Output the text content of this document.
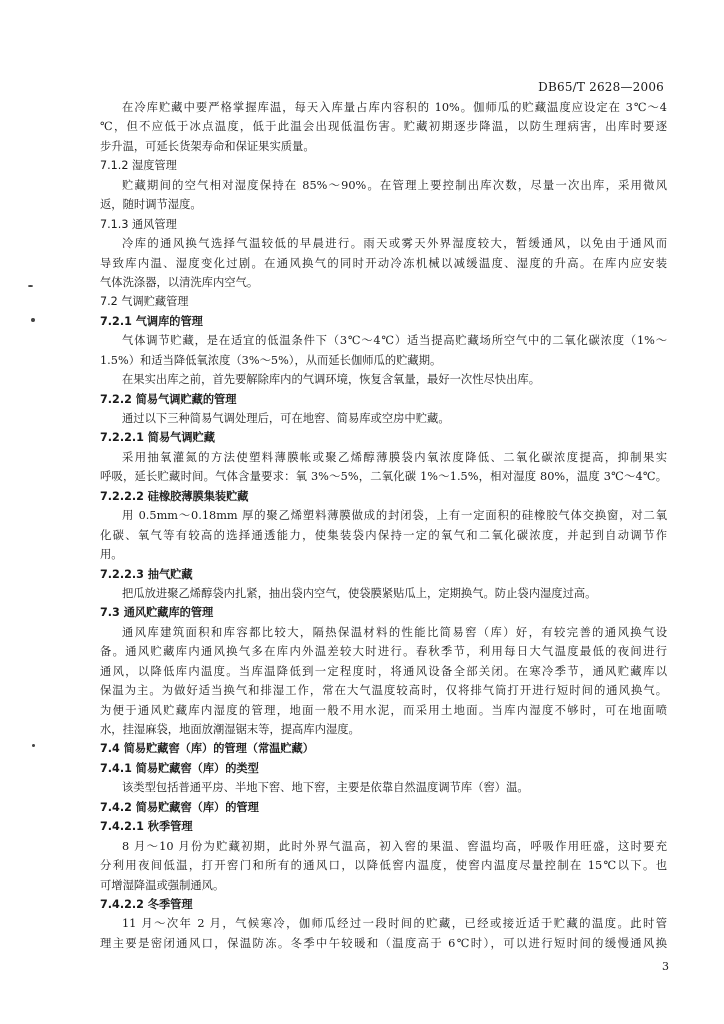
DB65/T 2628—2006
在冷库贮藏中要严格掌握库温，每天入库量占库内容积的 10%。伽师瓜的贮藏温度应设定在 3℃～4
℃，但不应低于冰点温度，低于此温会出现低温伤害。贮藏初期逐步降温，以防生理病害，出库时要逐
步升温，可延长货架寿命和保证果实质量。
7.1.2 湿度管理
贮藏期间的空气相对湿度保持在 85%～90%。在管理上要控制出库次数，尽量一次出库，采用微风
返，随时调节湿度。
7.1.3 通风管理
冷库的通风换气选择气温较低的早晨进行。雨天或雾天外界湿度较大，暂缓通风，以免由于通风而
导致库内温、湿度变化过剧。在通风换气的同时开动冷冻机械以减缓温度、湿度的升高。在库内应安装
气体洗涤器，以清洗库内空气。
7.2 气调贮藏管理
7.2.1 气调库的管理
气体调节贮藏，是在适宜的低温条件下（3℃～4℃）适当提高贮藏场所空气中的二氧化碳浓度（1%～
1.5%）和适当降低氧浓度（3%～5%），从而延长伽师瓜的贮藏期。
在果实出库之前，首先要解除库内的气调环境，恢复含氧量，最好一次性尽快出库。
7.2.2 简易气调贮藏的管理
通过以下三种简易气调处理后，可在地窖、简易库或空房中贮藏。
7.2.2.1 简易气调贮藏
采用抽氧灌氮的方法使塑料薄膜帐或聚乙烯醇薄膜袋内氧浓度降低、二氧化碳浓度提高，抑制果实
呼吸，延长贮藏时间。气体含量要求：氧 3%～5%，二氧化碳 1%～1.5%，相对湿度 80%，温度 3℃～4℃。
7.2.2.2 硅橡胶薄膜集装贮藏
用 0.5mm～0.18mm 厚的聚乙烯塑料薄膜做成的封闭袋，上有一定面积的硅橡胶气体交换窗，对二氧
化碳、氧气等有较高的选择通透能力，使集装袋内保持一定的氧气和二氧化碳浓度，并起到自动调节作
用。
7.2.2.3 抽气贮藏
把瓜放进聚乙烯醇袋内扎紧，抽出袋内空气，使袋膜紧贴瓜上，定期换气。防止袋内湿度过高。
7.3 通风贮藏库的管理
通风库建筑面积和库容都比较大，隔热保温材料的性能比简易窖（库）好，有较完善的通风换气设
备。通风贮藏库内通风换气多在库内外温差较大时进行。春秋季节，利用每日大气温度最低的夜间进行
通风，以降低库内温度。当库温降低到一定程度时，将通风设备全部关闭。在寒冷季节，通风贮藏库以
保温为主。为做好适当换气和排湿工作，常在大气温度较高时，仅将排气筒打开进行短时间的通风换气。
为便于通风贮藏库内湿度的管理，地面一般不用水泥，而采用土地面。当库内湿度不够时，可在地面喷
水，挂湿麻袋，地面放潮湿锯末等，提高库内湿度。
7.4 简易贮藏窖（库）的管理（常温贮藏）
7.4.1 简易贮藏窖（库）的类型
该类型包括普通平房、半地下窖、地下窖，主要是依靠自然温度调节库（窖）温。
7.4.2 简易贮藏窖（库）的管理
7.4.2.1 秋季管理
8 月～10 月份为贮藏初期，此时外界气温高，初入窖的果温、窖温均高，呼吸作用旺盛，这时要充
分利用夜间低温，打开窖门和所有的通风口，以降低窖内温度，使窖内温度尽量控制在 15℃以下。也
可增湿降温或强制通风。
7.4.2.2 冬季管理
11 月～次年 2 月，气候寒冷，伽师瓜经过一段时间的贮藏，已经或接近适于贮藏的温度。此时管
理主要是密闭通风口，保温防冻。冬季中午较暖和（温度高于 6℃时），可以进行短时间的缓慢通风换
3
